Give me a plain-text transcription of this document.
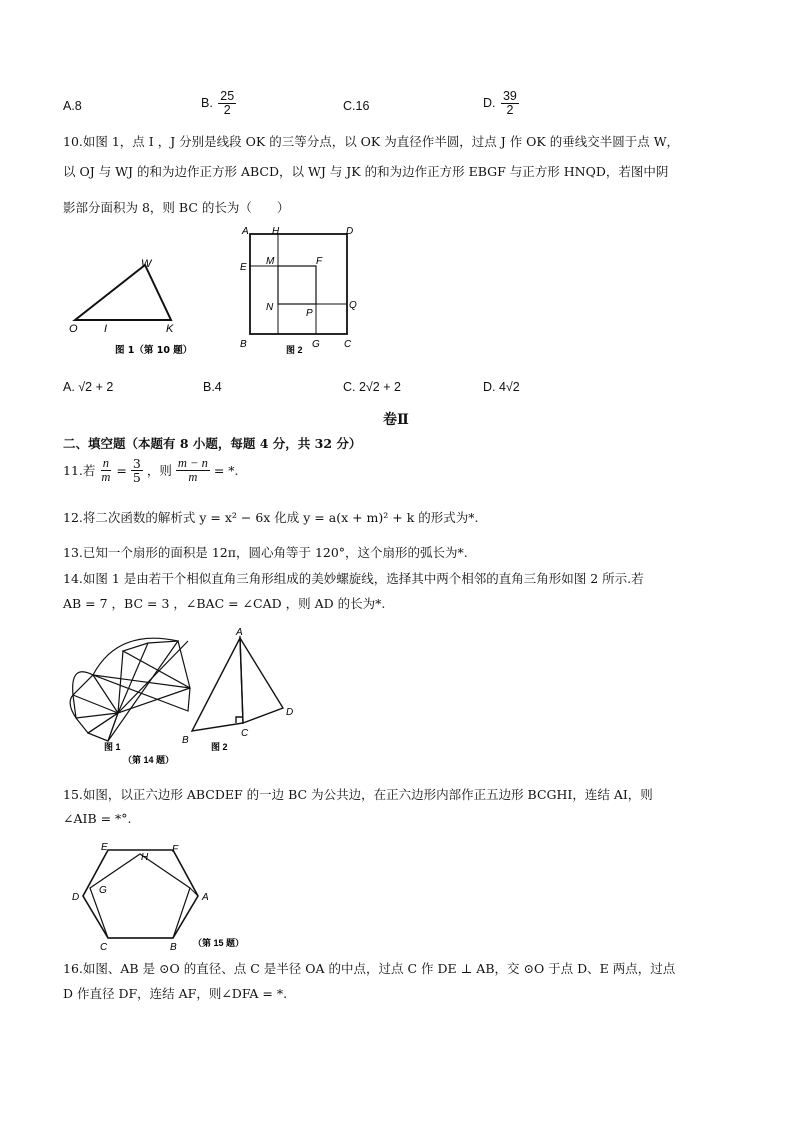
A.8	B. $\frac{25}{2}$	C.16	D. $\frac{39}{2}$
10.如图 1，点 I ，J 分别是线段 OK 的三等分点，以 OK 为直径作半圆，过点 J 作 OK 的垂线交半圆于点 W，
以 OJ 与 WJ 的和为边作正方形 ABCD，以 WJ 与 JK 的和为边作正方形 EBGF 与正方形 HNQD，若图中阴
影部分面积为 8，则 BC 的长为（　　）
W
O I	K
图 1（第 10 题）
A H	D
E
M	F
N	Q
P
B	G C
图 2
A. √2 + 2	B.4	C. 2√2 + 2	D. 4√2
卷Ⅱ
二、填空题（本题有 8 小题，每题 4 分，共 32 分）
11.若 $\frac{n}{m} = \frac{3}{5}$ ，则 $\frac{m - n}{m}$ = *.
12.将二次函数的解析式 y = x² − 6x 化成 y = a(x + m)² + k 的形式为*.
13.已知一个扇形的面积是 12π，圆心角等于 120°，这个扇形的弧长为*.
14.如图 1 是由若干个相似直角三角形组成的美妙螺旋线，选择其中两个相邻的直角三角形如图 2 所示.若
AB = 7 ，BC = 3 ，∠BAC = ∠CAD ，则 AD 的长为*.
A
B
C
D
图 1	图 2
（第 14 题）
15.如图，以正六边形 ABCDEF 的一边 BC 为公共边，在正六边形内部作正五边形 BCGHI，连结 AI，则
∠AIB = *°.
E
H
F
D
G
A
C	B （第 15 题）
16.如图、AB 是 ⊙O 的直径、点 C 是半径 OA 的中点，过点 C 作 DE ⊥ AB，交 ⊙O 于点 D、E 两点，过点
D 作直径 DF，连结 AF，则∠DFA = *.
